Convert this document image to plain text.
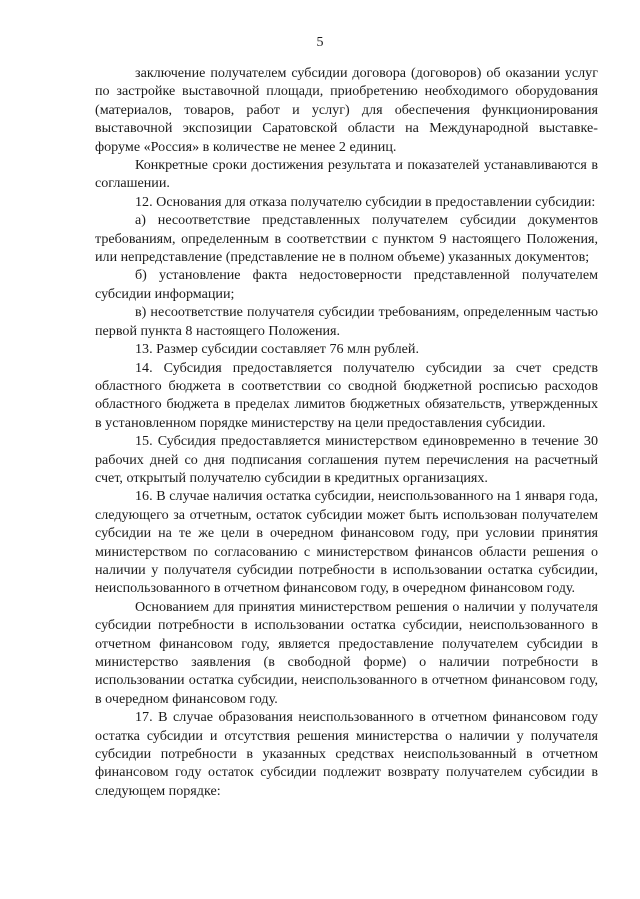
5

заключение получателем субсидии договора (договоров) об оказании услуг по застройке выставочной площади, приобретению необходимого оборудования (материалов, товаров, работ и услуг) для обеспечения функционирования выставочной экспозиции Саратовской области на Международной выставке-форуме «Россия» в количестве не менее 2 единиц.

Конкретные сроки достижения результата и показателей устанавливаются в соглашении.

12. Основания для отказа получателю субсидии в предоставлении субсидии:

а) несоответствие представленных получателем субсидии документов требованиям, определенным в соответствии с пунктом 9 настоящего Положения, или непредставление (представление не в полном объеме) указанных документов;

б) установление факта недостоверности представленной получателем субсидии информации;

в) несоответствие получателя субсидии требованиям, определенным частью первой пункта 8 настоящего Положения.

13. Размер субсидии составляет 76 млн рублей.

14. Субсидия предоставляется получателю субсидии за счет средств областного бюджета в соответствии со сводной бюджетной росписью расходов областного бюджета в пределах лимитов бюджетных обязательств, утвержденных в установленном порядке министерству на цели предоставления субсидии.

15. Субсидия предоставляется министерством единовременно в течение 30 рабочих дней со дня подписания соглашения путем перечисления на расчетный счет, открытый получателю субсидии в кредитных организациях.

16. В случае наличия остатка субсидии, неиспользованного на 1 января года, следующего за отчетным, остаток субсидии может быть использован получателем субсидии на те же цели в очередном финансовом году, при условии принятия министерством по согласованию с министерством финансов области решения о наличии у получателя субсидии потребности в использовании остатка субсидии, неиспользованного в отчетном финансовом году, в очередном финансовом году.

Основанием для принятия министерством решения о наличии у получателя субсидии потребности в использовании остатка субсидии, неиспользованного в отчетном финансовом году, является предоставление получателем субсидии в министерство заявления (в свободной форме) о наличии потребности в использовании остатка субсидии, неиспользованного в отчетном финансовом году, в очередном финансовом году.

17. В случае образования неиспользованного в отчетном финансовом году остатка субсидии и отсутствия решения министерства о наличии у получателя субсидии потребности в указанных средствах неиспользованный в отчетном финансовом году остаток субсидии подлежит возврату получателем субсидии в следующем порядке:
